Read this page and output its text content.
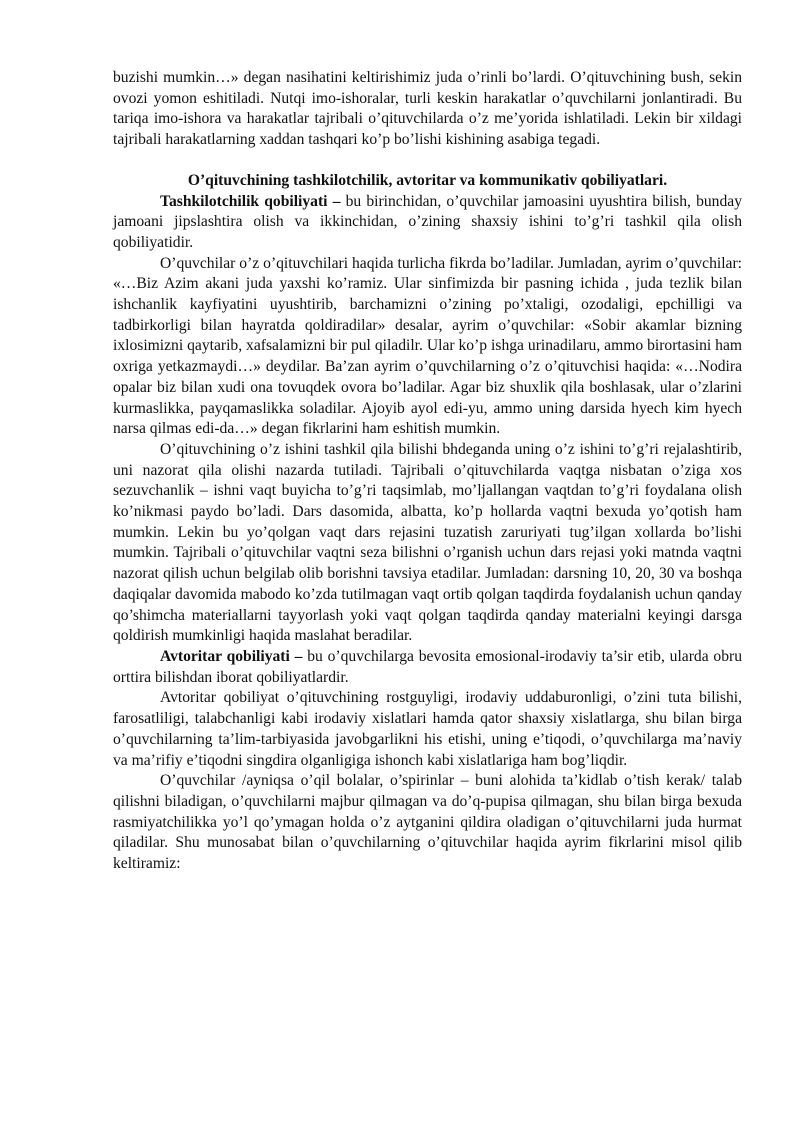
buzishi mumkin…» degan nasihatini keltirishimiz juda o’rinli bo’lardi. O’qituvchining bush, sekin ovozi yomon eshitiladi. Nutqi imo-ishoralar, turli keskin harakatlar o’quvchilarni jonlantiradi. Bu tariqa imo-ishora va harakatlar tajribali o’qituvchilarda o’z me’yorida ishlatiladi. Lekin bir xildagi tajribali harakatlarning xaddan tashqari ko’p bo’lishi kishining asabiga tegadi.

O’qituvchining tashkilotchilik, avtoritar va kommunikativ qobiliyatlari.

Tashkilotchilik qobiliyati – bu birinchidan, o’quvchilar jamoasini uyushtira bilish, bunday jamoani jipslashtira olish va ikkinchidan, o’zining shaxsiy ishini to’g’ri tashkil qila olish qobiliyatidir.

O’quvchilar o’z o’qituvchilari haqida turlicha fikrda bo’ladilar. Jumladan, ayrim o’quvchilar: «…Biz Azim akani juda yaxshi ko’ramiz. Ular sinfimizda bir pasning ichida , juda tezlik bilan ishchanlik kayfiyatini uyushtirib, barchamizni o’zining po’xtaligi, ozodaligi, epchilligi va tadbirkorligi bilan hayratda qoldiradilar» desalar, ayrim o’quvchilar: «Sobir akamlar bizning ixlosimizni qaytarib, xafsalamizni bir pul qiladilr. Ular ko’p ishga urinadilaru, ammo birortasini ham oxriga yetkazmaydi…» deydilar. Ba’zan ayrim o’quvchilarning o’z o’qituvchisi haqida: «…Nodira opalar biz bilan xudi ona tovuqdek ovora bo’ladilar. Agar biz shuxlik qila boshlasak, ular o’zlarini kurmaslikka, payqamaslikka soladilar. Ajoyib ayol edi-yu, ammo uning darsida hyech kim hyech narsa qilmas edi-da…» degan fikrlarini ham eshitish mumkin.

O’qituvchining o’z ishini tashkil qila bilishi bhdeganda uning o’z ishini to’g’ri rejalashtirib, uni nazorat qila olishi nazarda tutiladi. Tajribali o’qituvchilarda vaqtga nisbatan o’ziga xos sezuvchanlik – ishni vaqt buyicha to’g’ri taqsimlab, mo’ljallangan vaqtdan to’g’ri foydalana olish ko’nikmasi paydo bo’ladi. Dars dasomida, albatta, ko’p hollarda vaqtni bexuda yo’qotish ham mumkin. Lekin bu yo’qolgan vaqt dars rejasini tuzatish zaruriyati tug’ilgan xollarda bo’lishi mumkin. Tajribali o’qituvchilar vaqtni seza bilishni o’rganish uchun dars rejasi yoki matnda vaqtni nazorat qilish uchun belgilab olib borishni tavsiya etadilar. Jumladan: darsning 10, 20, 30 va boshqa daqiqalar davomida mabodo ko’zda tutilmagan vaqt ortib qolgan taqdirda foydalanish uchun qanday qo’shimcha materiallarni tayyorlash yoki vaqt qolgan taqdirda qanday materialni keyingi darsga qoldirish mumkinligi haqida maslahat beradilar.

Avtoritar qobiliyati – bu o’quvchilarga bevosita emosional-irodaviy ta’sir etib, ularda obru orttira bilishdan iborat qobiliyatlardir.

Avtoritar qobiliyat o’qituvchining rostguyligi, irodaviy uddaburonligi, o’zini tuta bilishi, farosatliligi, talabchanligi kabi irodaviy xislatlari hamda qator shaxsiy xislatlarga, shu bilan birga o’quvchilarning ta’lim-tarbiyasida javobgarlikni his etishi, uning e’tiqodi, o’quvchilarga ma’naviy va ma’rifiy e’tiqodni singdira olganligiga ishonch kabi xislatlariga ham bog’liqdir.

O’quvchilar /ayniqsa o’qil bolalar, o’spirinlar – buni alohida ta’kidlab o’tish kerak/ talab qilishni biladigan, o’quvchilarni majbur qilmagan va do’q-pupisa qilmagan, shu bilan birga bexuda rasmiyatchilikka yo’l qo’ymagan holda o’z aytganini qildira oladigan o’qituvchilarni juda hurmat qiladilar. Shu munosabat bilan o’quvchilarning o’qituvchilar haqida ayrim fikrlarini misol qilib keltiramiz:
